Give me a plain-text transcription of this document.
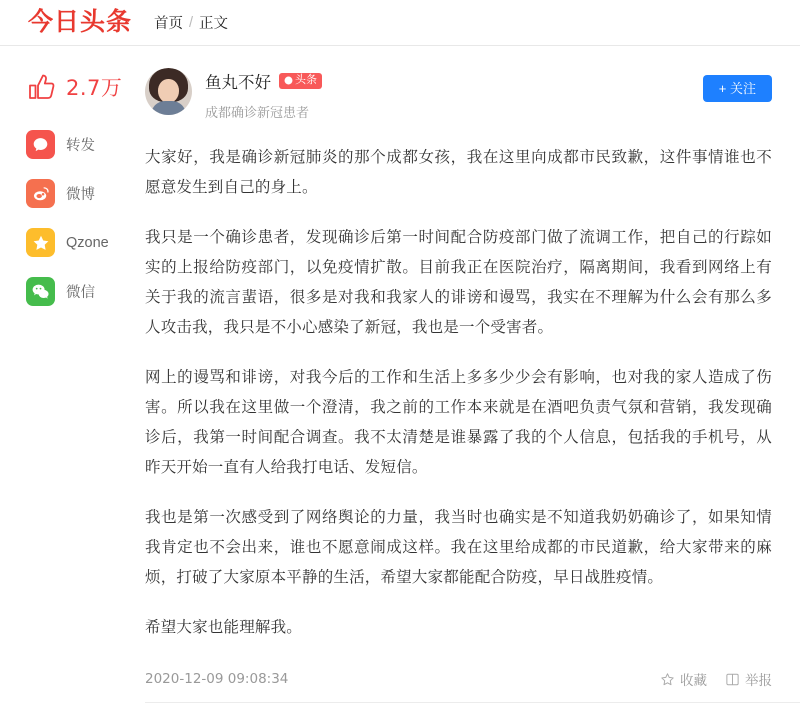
今日头条 首页 / 正文
2.7万
转发
微博
Qzone
微信
鱼丸不好 头条
成都确诊新冠患者
+ 关注

大家好，我是确诊新冠肺炎的那个成都女孩，我在这里向成都市民致歉，这件事情谁也不愿意发生到自己的身上。

我只是一个确诊患者，发现确诊后第一时间配合防疫部门做了流调工作，把自己的行踪如实的上报给防疫部门，以免疫情扩散。目前我正在医院治疗，隔离期间，我看到网络上有关于我的流言蜚语，很多是对我和我家人的诽谤和谩骂，我实在不理解为什么会有那么多人攻击我，我只是不小心感染了新冠，我也是一个受害者。

网上的谩骂和诽谤，对我今后的工作和生活上多多少少会有影响，也对我的家人造成了伤害。所以我在这里做一个澄清，我之前的工作本来就是在酒吧负责气氛和营销，我发现确诊后，我第一时间配合调查。我不太清楚是谁暴露了我的个人信息，包括我的手机号，从昨天开始一直有人给我打电话、发短信。

我也是第一次感受到了网络舆论的力量，我当时也确实是不知道我奶奶确诊了，如果知情我肯定也不会出来，谁也不愿意闹成这样。我在这里给成都的市民道歉，给大家带来的麻烦，打破了大家原本平静的生活，希望大家都能配合防疫，早日战胜疫情。

希望大家也能理解我。

2020-12-09 09:08:34	收藏	举报
